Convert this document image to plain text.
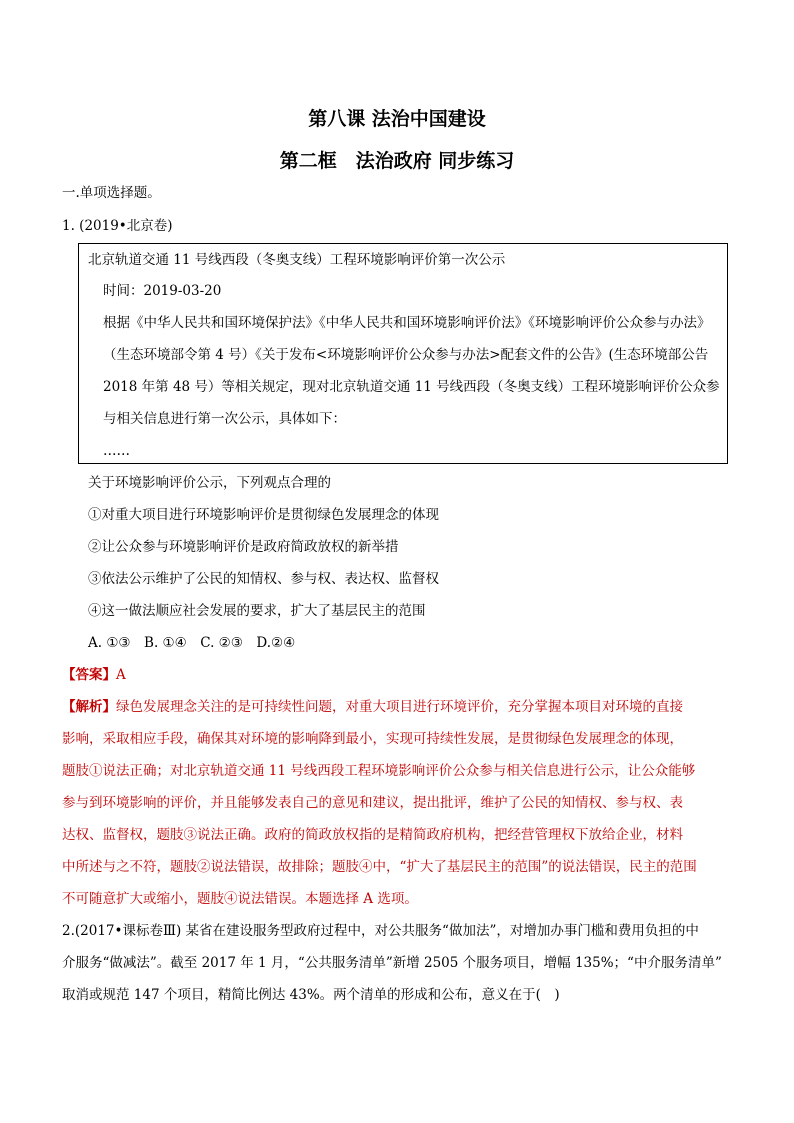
第八课 法治中国建设
第二框　法治政府 同步练习
一.单项选择题。
1. (2019•北京卷)
北京轨道交通 11 号线西段（冬奥支线）工程环境影响评价第一次公示
时间：2019-03-20
根据《中华人民共和国环境保护法》《中华人民共和国环境影响评价法》《环境影响评价公众参与办法》
（生态环境部令第 4 号）《关于发布<环境影响评价公众参与办法>配套文件的公告》(生态环境部公告
2018 年第 48 号）等相关规定，现对北京轨道交通 11 号线西段（冬奥支线）工程环境影响评价公众参
与相关信息进行第一次公示，具体如下：
……
关于环境影响评价公示，下列观点合理的
①对重大项目进行环境影响评价是贯彻绿色发展理念的体现
②让公众参与环境影响评价是政府简政放权的新举措
③依法公示维护了公民的知情权、参与权、表达权、监督权
④这一做法顺应社会发展的要求，扩大了基层民主的范围
A. ①③　B. ①④　C. ②③　D.②④
【答案】A
【解析】绿色发展理念关注的是可持续性问题，对重大项目进行环境评价，充分掌握本项目对环境的直接
影响，采取相应手段，确保其对环境的影响降到最小，实现可持续性发展，是贯彻绿色发展理念的体现，
题肢①说法正确；对北京轨道交通 11 号线西段工程环境影响评价公众参与相关信息进行公示，让公众能够
参与到环境影响的评价，并且能够发表自己的意见和建议，提出批评，维护了公民的知情权、参与权、表
达权、监督权，题肢③说法正确。政府的简政放权指的是精简政府机构，把经营管理权下放给企业，材料
中所述与之不符，题肢②说法错误，故排除；题肢④中，“扩大了基层民主的范围”的说法错误，民主的范围
不可随意扩大或缩小，题肢④说法错误。本题选择 A 选项。
2.(2017•课标卷Ⅲ) 某省在建设服务型政府过程中，对公共服务“做加法”，对增加办事门槛和费用负担的中
介服务“做减法”。截至 2017 年 1 月，“公共服务清单”新增 2505 个服务项目，增幅 135%；“中介服务清单”
取消或规范 147 个项目，精简比例达 43%。两个清单的形成和公布，意义在于(　)
